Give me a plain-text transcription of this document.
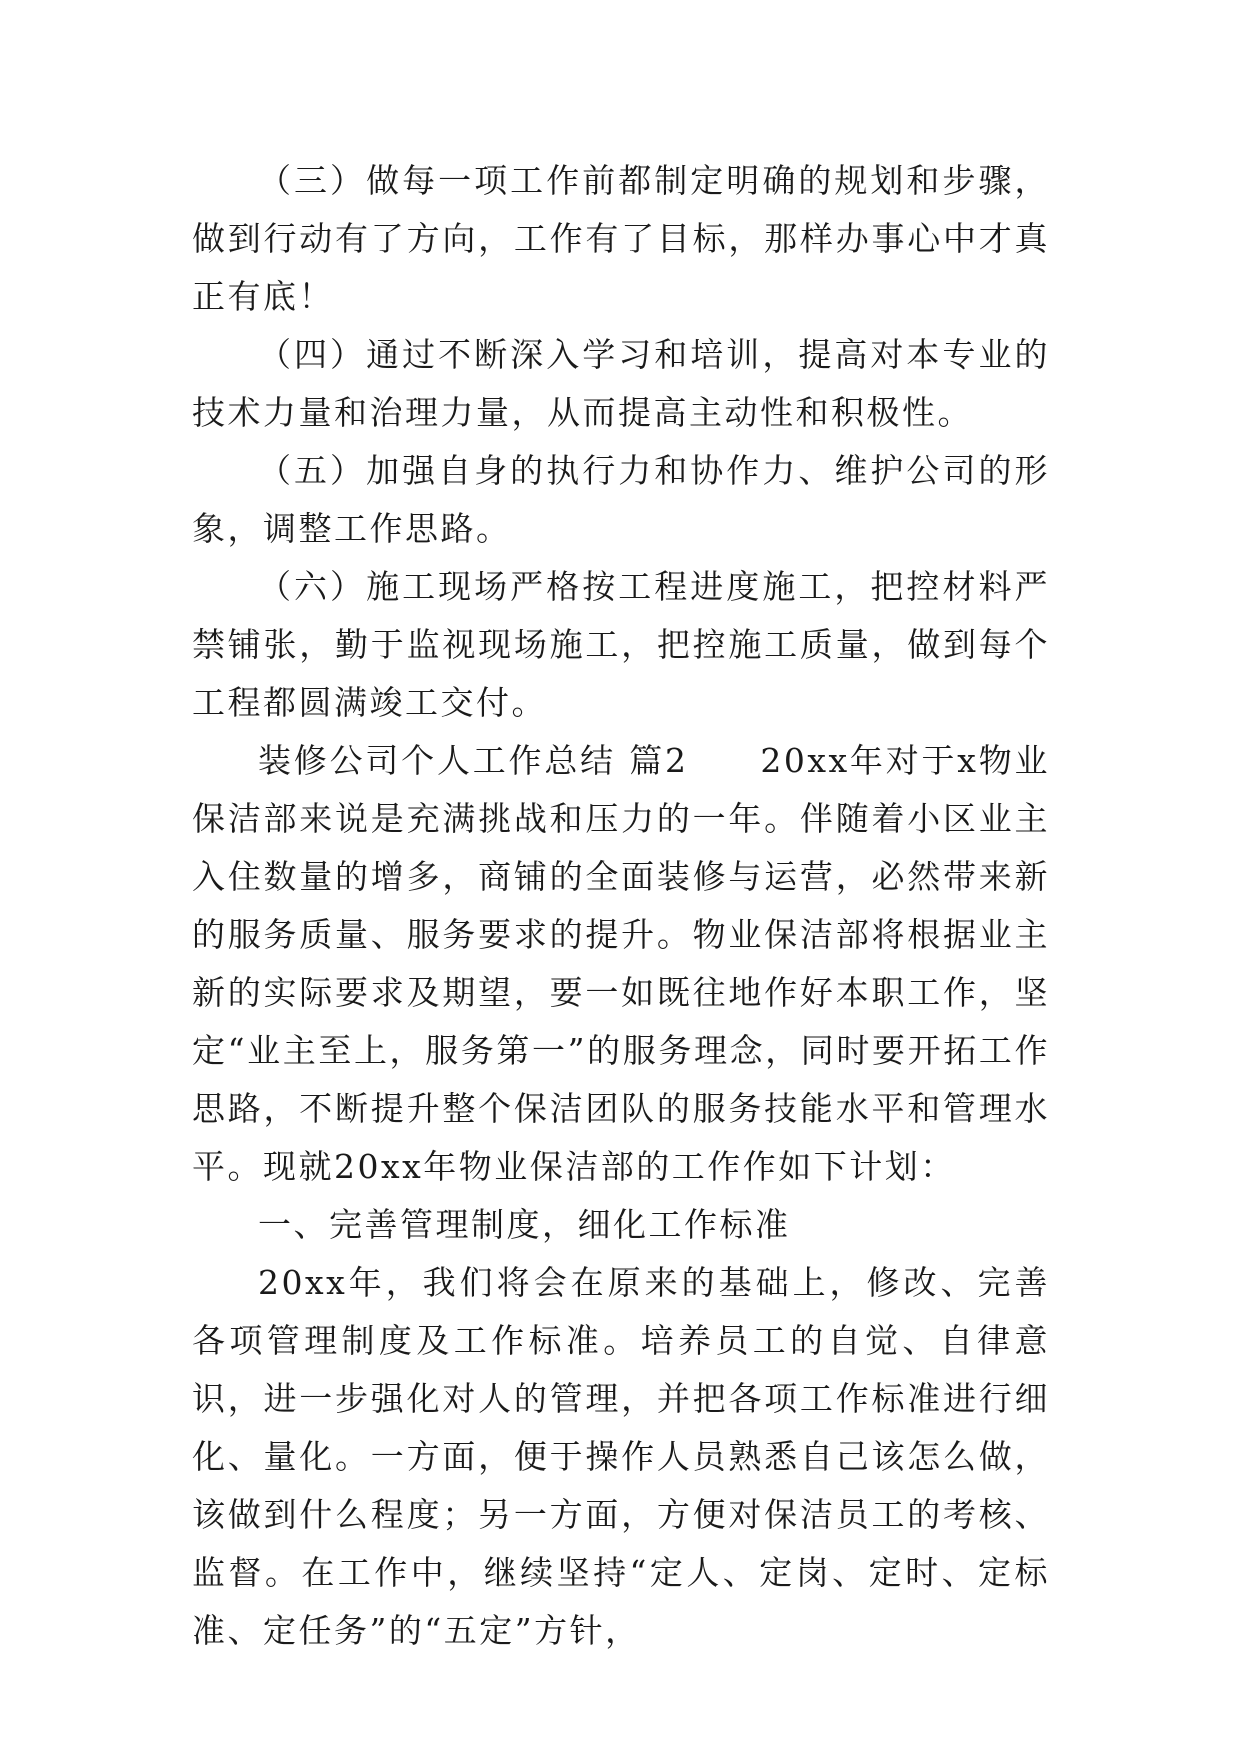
（三）做每一项工作前都制定明确的规划和步骤，做到行动有了方向，工作有了目标，那样办事心中才真正有底！

（四）通过不断深入学习和培训，提高对本专业的技术力量和治理力量，从而提高主动性和积极性。

（五）加强自身的执行力和协作力、维护公司的形象，调整工作思路。

（六）施工现场严格按工程进度施工，把控材料严禁铺张，勤于监视现场施工，把控施工质量，做到每个工程都圆满竣工交付。

装修公司个人工作总结 篇2　　20xx年对于x物业保洁部来说是充满挑战和压力的一年。伴随着小区业主入住数量的增多，商铺的全面装修与运营，必然带来新的服务质量、服务要求的提升。物业保洁部将根据业主新的实际要求及期望，要一如既往地作好本职工作，坚定“业主至上，服务第一”的服务理念，同时要开拓工作思路，不断提升整个保洁团队的服务技能水平和管理水平。现就20xx年物业保洁部的工作作如下计划：

一、完善管理制度，细化工作标准

20xx年，我们将会在原来的基础上，修改、完善各项管理制度及工作标准。培养员工的自觉、自律意识，进一步强化对人的管理，并把各项工作标准进行细化、量化。一方面，便于操作人员熟悉自己该怎么做，该做到什么程度；另一方面，方便对保洁员工的考核、监督。在工作中，继续坚持“定人、定岗、定时、定标准、定任务”的“五定”方针，
